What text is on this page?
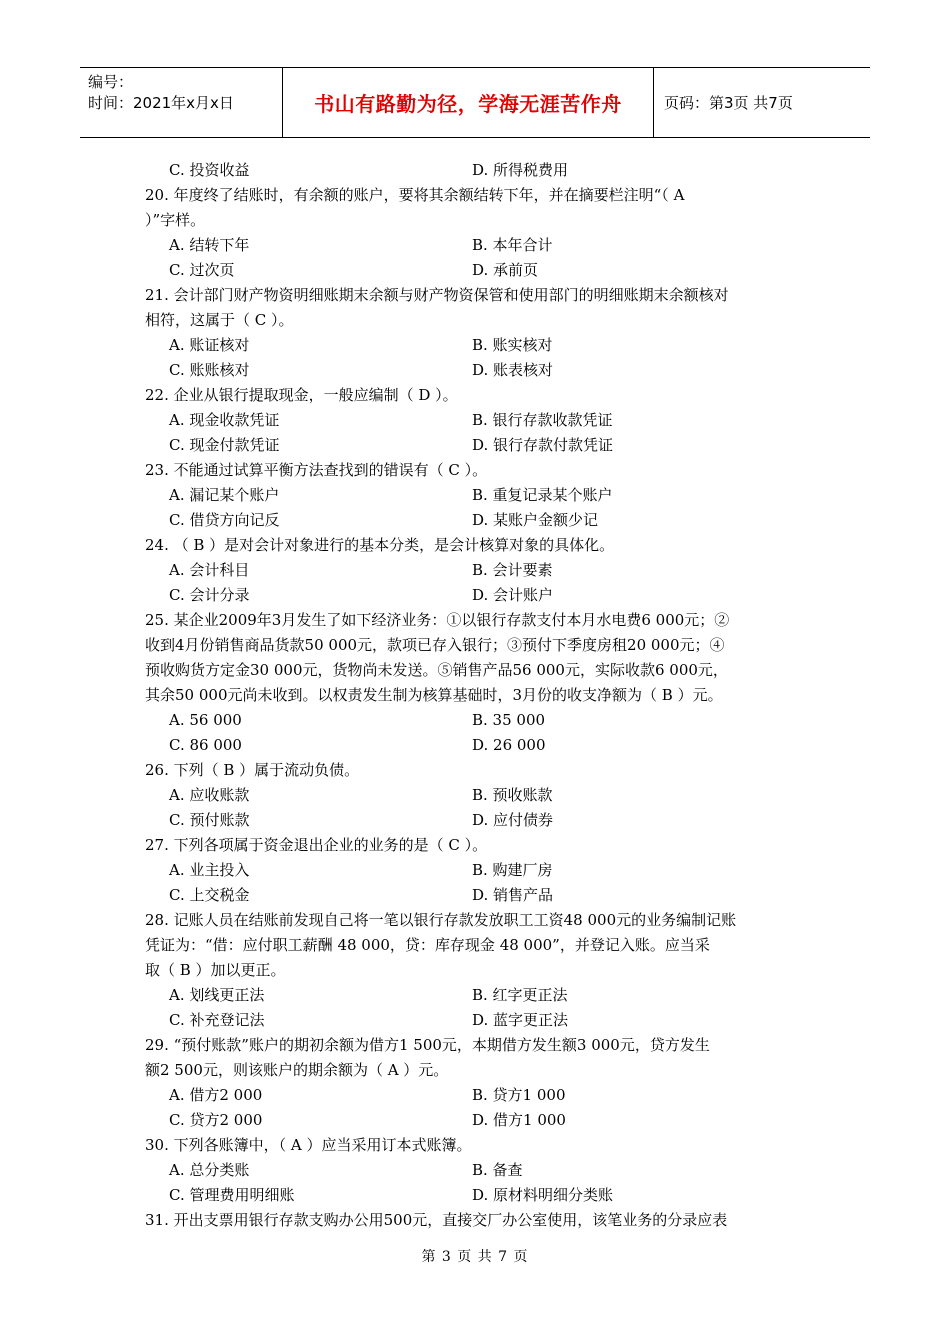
编号：
时间：2021年x月x日	书山有路勤为径，学海无涯苦作舟	页码：第3页 共7页
C. 投资收益	D. 所得税费用
20. 年度终了结账时，有余额的账户，要将其余额结转下年，并在摘要栏注明“（ A
）”字样。
A. 结转下年	B. 本年合计
C. 过次页	D. 承前页
21. 会计部门财产物资明细账期末余额与财产物资保管和使用部门的明细账期末余额核对
相符，这属于（ C ）。
A. 账证核对	B. 账实核对
C. 账账核对	D. 账表核对
22. 企业从银行提取现金，一般应编制（ D ）。
A. 现金收款凭证	B. 银行存款收款凭证
C. 现金付款凭证	D. 银行存款付款凭证
23. 不能通过试算平衡方法查找到的错误有（ C ）。
A. 漏记某个账户	B. 重复记录某个账户
C. 借贷方向记反	D. 某账户金额少记
24. （ B ）是对会计对象进行的基本分类，是会计核算对象的具体化。
A. 会计科目	B. 会计要素
C. 会计分录	D. 会计账户
25. 某企业2009年3月发生了如下经济业务：①以银行存款支付本月水电费6 000元；②
收到4月份销售商品货款50 000元，款项已存入银行；③预付下季度房租20 000元；④
预收购货方定金30 000元，货物尚未发送。⑤销售产品56 000元，实际收款6 000元，
其余50 000元尚未收到。以权责发生制为核算基础时，3月份的收支净额为（ B ）元。
A. 56 000	B. 35 000
C. 86 000	D. 26 000
26. 下列（ B ）属于流动负债。
A. 应收账款	B. 预收账款
C. 预付账款	D. 应付债券
27. 下列各项属于资金退出企业的业务的是（ C ）。
A. 业主投入	B. 购建厂房
C. 上交税金	D. 销售产品
28. 记账人员在结账前发现自己将一笔以银行存款发放职工工资48 000元的业务编制记账
凭证为：“借：应付职工薪酬 48 000，贷：库存现金 48 000”，并登记入账。应当采
取（ B ）加以更正。
A. 划线更正法	B. 红字更正法
C. 补充登记法	D. 蓝字更正法
29. “预付账款”账户的期初余额为借方1 500元，本期借方发生额3 000元，贷方发生
额2 500元，则该账户的期余额为（ A ）元。
A. 借方2 000	B. 贷方1 000
C. 贷方2 000	D. 借方1 000
30. 下列各账簿中，（ A ）应当采用订本式账簿。
A. 总分类账	B. 备查
C. 管理费用明细账	D. 原材料明细分类账
31. 开出支票用银行存款支购办公用500元，直接交厂办公室使用，该笔业务的分录应表
第 3 页 共 7 页
